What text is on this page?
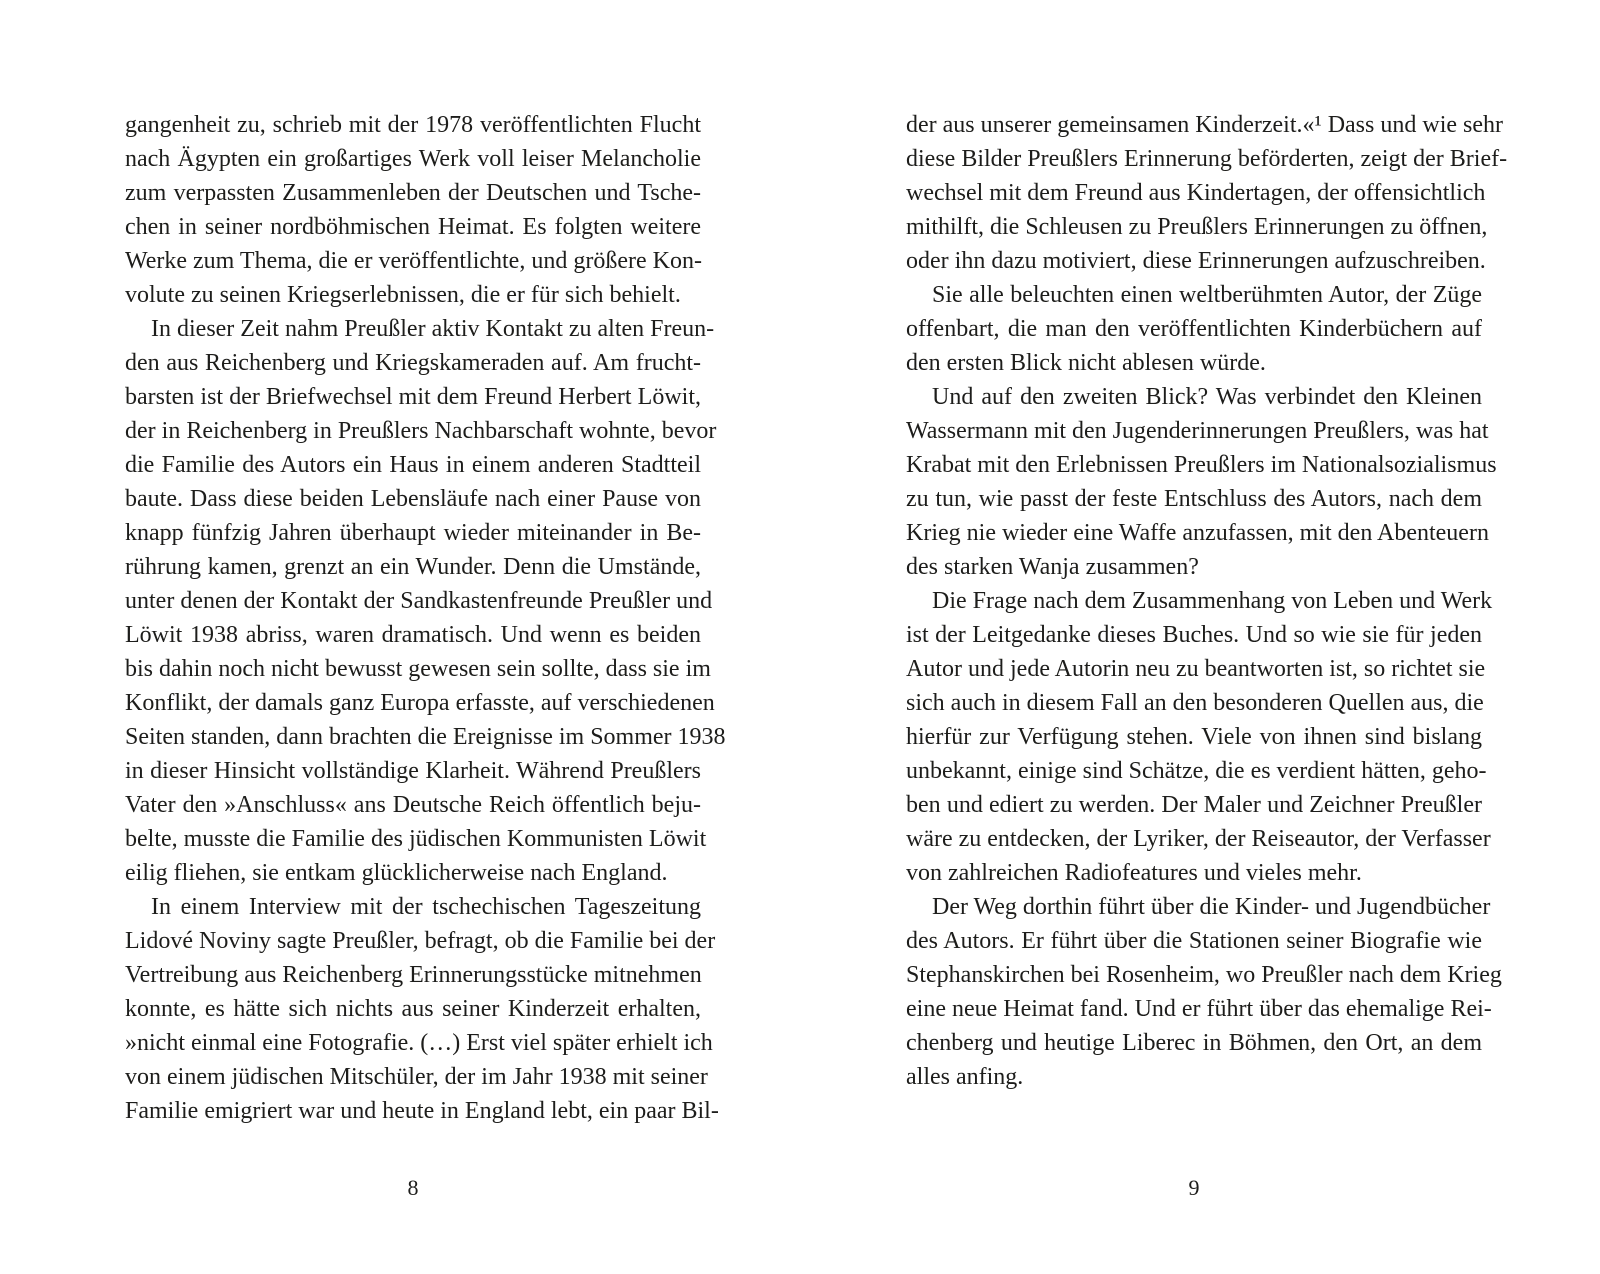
gangenheit zu, schrieb mit der 1978 veröffentlichten Flucht
nach Ägypten ein großartiges Werk voll leiser Melancholie
zum verpassten Zusammenleben der Deutschen und Tsche-
chen in seiner nordböhmischen Heimat. Es folgten weitere
Werke zum Thema, die er veröffentlichte, und größere Kon-
volute zu seinen Kriegserlebnissen, die er für sich behielt.
In dieser Zeit nahm Preußler aktiv Kontakt zu alten Freun-
den aus Reichenberg und Kriegskameraden auf. Am frucht-
barsten ist der Briefwechsel mit dem Freund Herbert Löwit,
der in Reichenberg in Preußlers Nachbarschaft wohnte, bevor
die Familie des Autors ein Haus in einem anderen Stadtteil
baute. Dass diese beiden Lebensläufe nach einer Pause von
knapp fünfzig Jahren überhaupt wieder miteinander in Be-
rührung kamen, grenzt an ein Wunder. Denn die Umstände,
unter denen der Kontakt der Sandkastenfreunde Preußler und
Löwit 1938 abriss, waren dramatisch. Und wenn es beiden
bis dahin noch nicht bewusst gewesen sein sollte, dass sie im
Konflikt, der damals ganz Europa erfasste, auf verschiedenen
Seiten standen, dann brachten die Ereignisse im Sommer 1938
in dieser Hinsicht vollständige Klarheit. Während Preußlers
Vater den »Anschluss« ans Deutsche Reich öffentlich beju-
belte, musste die Familie des jüdischen Kommunisten Löwit
eilig fliehen, sie entkam glücklicherweise nach England.
In einem Interview mit der tschechischen Tageszeitung
Lidové Noviny sagte Preußler, befragt, ob die Familie bei der
Vertreibung aus Reichenberg Erinnerungsstücke mitnehmen
konnte, es hätte sich nichts aus seiner Kinderzeit erhalten,
»nicht einmal eine Fotografie. (…) Erst viel später erhielt ich
von einem jüdischen Mitschüler, der im Jahr 1938 mit seiner
Familie emigriert war und heute in England lebt, ein paar Bil-
8
der aus unserer gemeinsamen Kinderzeit.«¹ Dass und wie sehr
diese Bilder Preußlers Erinnerung beförderten, zeigt der Brief-
wechsel mit dem Freund aus Kindertagen, der offensichtlich
mithilft, die Schleusen zu Preußlers Erinnerungen zu öffnen,
oder ihn dazu motiviert, diese Erinnerungen aufzuschreiben.
Sie alle beleuchten einen weltberühmten Autor, der Züge
offenbart, die man den veröffentlichten Kinderbüchern auf
den ersten Blick nicht ablesen würde.
Und auf den zweiten Blick? Was verbindet den Kleinen
Wassermann mit den Jugenderinnerungen Preußlers, was hat
Krabat mit den Erlebnissen Preußlers im Nationalsozialismus
zu tun, wie passt der feste Entschluss des Autors, nach dem
Krieg nie wieder eine Waffe anzufassen, mit den Abenteuern
des starken Wanja zusammen?
Die Frage nach dem Zusammenhang von Leben und Werk
ist der Leitgedanke dieses Buches. Und so wie sie für jeden
Autor und jede Autorin neu zu beantworten ist, so richtet sie
sich auch in diesem Fall an den besonderen Quellen aus, die
hierfür zur Verfügung stehen. Viele von ihnen sind bislang
unbekannt, einige sind Schätze, die es verdient hätten, geho-
ben und ediert zu werden. Der Maler und Zeichner Preußler
wäre zu entdecken, der Lyriker, der Reiseautor, der Verfasser
von zahlreichen Radiofeatures und vieles mehr.
Der Weg dorthin führt über die Kinder- und Jugendbücher
des Autors. Er führt über die Stationen seiner Biografie wie
Stephanskirchen bei Rosenheim, wo Preußler nach dem Krieg
eine neue Heimat fand. Und er führt über das ehemalige Rei-
chenberg und heutige Liberec in Böhmen, den Ort, an dem
alles anfing.
9
